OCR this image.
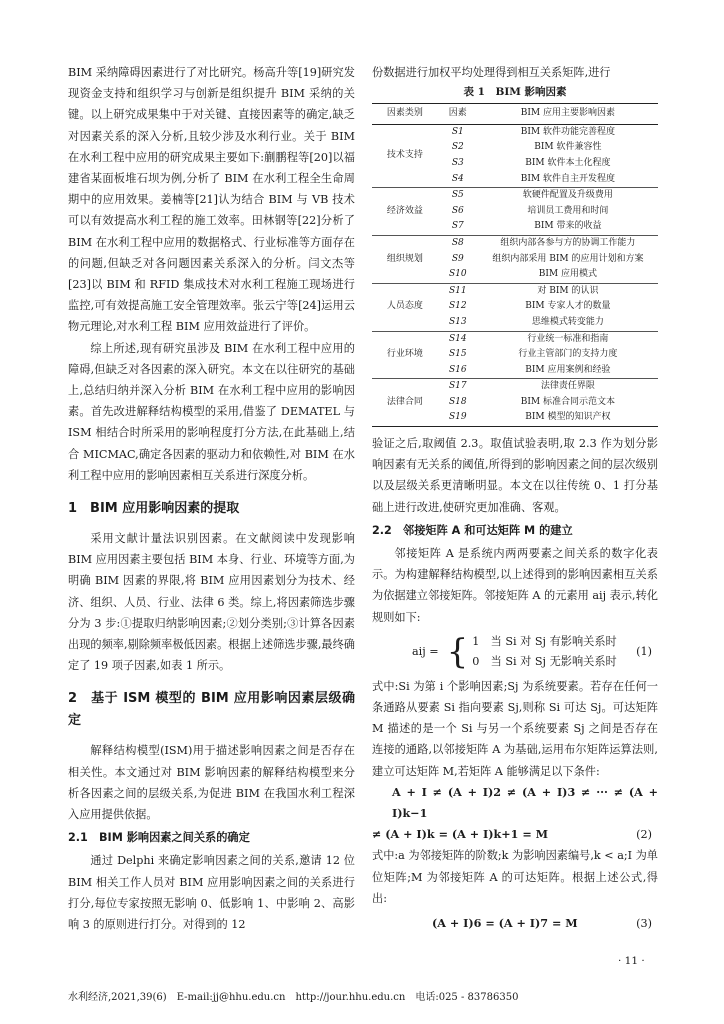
BIM 采纳障碍因素进行了对比研究。杨高升等[19]研究发现资金支持和组织学习与创新是组织提升 BIM 采纳的关键。以上研究成果集中于对关键、直接因素等的确定,缺乏对因素关系的深入分析,且较少涉及水利行业。关于 BIM 在水利工程中应用的研究成果主要如下:蒯鹏程等[20]以福建省某面板堆石坝为例,分析了 BIM 在水利工程全生命周期中的应用效果。姜楠等[21]认为结合 BIM 与 VB 技术可以有效提高水利工程的施工效率。田林钢等[22]分析了 BIM 在水利工程中应用的数据格式、行业标准等方面存在的问题,但缺乏对各问题因素关系深入的分析。闫文杰等[23]以 BIM 和 RFID 集成技术对水利工程施工现场进行监控,可有效提高施工安全管理效率。张云宁等[24]运用云物元理论,对水利工程 BIM 应用效益进行了评价。

综上所述,现有研究虽涉及 BIM 在水利工程中应用的障碍,但缺乏对各因素的深入研究。本文在以往研究的基础上,总结归纳并深入分析 BIM 在水利工程中应用的影响因素。首先改进解释结构模型的采用,借鉴了 DEMATEL 与 ISM 相结合时所采用的影响程度打分方法,在此基础上,结合 MICMAC,确定各因素的驱动力和依赖性,对 BIM 在水利工程中应用的影响因素相互关系进行深度分析。

1　BIM 应用影响因素的提取

采用文献计量法识别因素。在文献阅读中发现影响 BIM 应用因素主要包括 BIM 本身、行业、环境等方面,为明确 BIM 因素的界限,将 BIM 应用因素划分为技术、经济、组织、人员、行业、法律 6 类。综上,将因素筛选步骤分为 3 步:①提取归纳影响因素;②划分类别;③计算各因素出现的频率,剔除频率极低因素。根据上述筛选步骤,最终确定了 19 项子因素,如表 1 所示。

2　基于 ISM 模型的 BIM 应用影响因素层级确定

解释结构模型(ISM)用于描述影响因素之间是否存在相关性。本文通过对 BIM 影响因素的解释结构模型来分析各因素之间的层级关系,为促进 BIM 在我国水利工程深入应用提供依据。

2.1　BIM 影响因素之间关系的确定

通过 Delphi 来确定影响因素之间的关系,邀请 12 位 BIM 相关工作人员对 BIM 应用影响因素之间的关系进行打分,每位专家按照无影响 0、低影响 1、中影响 2、高影响 3 的原则进行打分。对得到的 12

份数据进行加权平均处理得到相互关系矩阵,进行

表 1　BIM 影响因素
因素类别	因素	BIM 应用主要影响因素
技术支持	S1	BIM 软件功能完善程度
	S2	BIM 软件兼容性
	S3	BIM 软件本土化程度
	S4	BIM 软件自主开发程度
经济效益	S5	软硬件配置及升级费用
	S6	培训员工费用和时间
	S7	BIM 带来的收益
组织规划	S8	组织内部各参与方的协调工作能力
	S9	组织内部采用 BIM 的应用计划和方案
	S10	BIM 应用模式
人员态度	S11	对 BIM 的认识
	S12	BIM 专家人才的数量
	S13	思维模式转变能力
行业环境	S14	行业统一标准和指南
	S15	行业主管部门的支持力度
	S16	BIM 应用案例和经验
法律合同	S17	法律责任界限
	S18	BIM 标准合同示范文本
	S19	BIM 模型的知识产权

验证之后,取阈值 2.3。取值试验表明,取 2.3 作为划分影响因素有无关系的阈值,所得到的影响因素之间的层次级别以及层级关系更清晰明显。本文在以往传统 0、1 打分基础上进行改进,使研究更加准确、客观。

2.2　邻接矩阵 A 和可达矩阵 M 的建立

邻接矩阵 A 是系统内两两要素之间关系的数字化表示。为构建解释结构模型,以上述得到的影响因素相互关系为依据建立邻接矩阵。邻接矩阵 A 的元素用 aij 表示,转化规则如下:

aij = { 1　当 Si 对 Sj 有影响关系时
0　当 Si 对 Sj 无影响关系时
(1)

式中:Si 为第 i 个影响因素;Sj 为系统要素。若存在任何一条通路从要素 Si 指向要素 Sj,则称 Si 可达 Sj。可达矩阵 M 描述的是一个 Si 与另一个系统要素 Sj 之间是否存在连接的通路,以邻接矩阵 A 为基础,运用布尔矩阵运算法则,建立可达矩阵 M,若矩阵 A 能够满足以下条件:

A + I ≠ (A + I)2 ≠ (A + I)3 ≠ ··· ≠ (A + I)k−1

≠ (A + I)k = (A + I)k+1 = M	(2)

式中:a 为邻接矩阵的阶数;k 为影响因素编号,k < a;I 为单位矩阵;M 为邻接矩阵 A 的可达矩阵。根据上述公式,得出:

(A + I)6 = (A + I)7 = M	(3)
· 11 ·
水利经济,2021,39(6)　E-mail:jj@hhu.edu.cn　http://jour.hhu.edu.cn　电话:025 - 83786350
